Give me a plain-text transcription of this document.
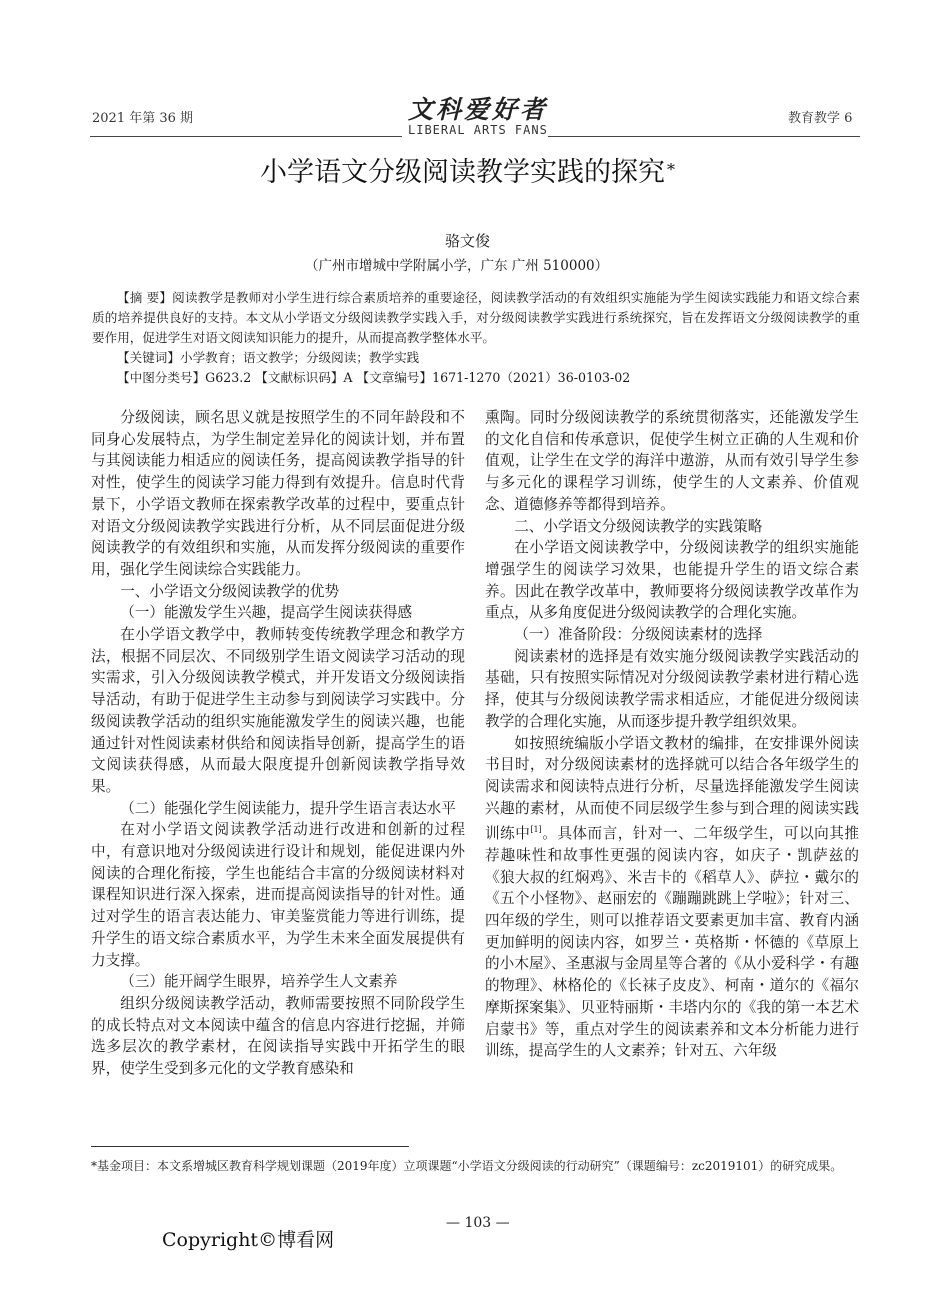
2021 年第 36 期	文科爱好者
LIBERAL ARTS FANS
教育教学 6
小学语文分级阅读教学实践的探究 *
骆文俊
（广州市增城中学附属小学，广东 广州 510000）

【摘 要】阅读教学是教师对小学生进行综合素质培养的重要途径，阅读教学活动的有效组织实施能为学生阅读实践能力和语文综合素质的培养提供良好的支持。本文从小学语文分级阅读教学实践入手，对分级阅读教学实践进行系统探究，旨在发挥语文分级阅读教学的重要作用，促进学生对语文阅读知识能力的提升，从而提高教学整体水平。

【关键词】小学教育；语文教学；分级阅读；教学实践

【中图分类号】G623.2 【文献标识码】A 【文章编号】1671-1270（2021）36-0103-02

分级阅读，顾名思义就是按照学生的不同年龄段和不同身心发展特点，为学生制定差异化的阅读计划，并布置与其阅读能力相适应的阅读任务，提高阅读教学指导的针对性，使学生的阅读学习能力得到有效提升。信息时代背景下，小学语文教师在探索教学改革的过程中，要重点针对语文分级阅读教学实践进行分析，从不同层面促进分级阅读教学的有效组织和实施，从而发挥分级阅读的重要作用，强化学生阅读综合实践能力。

一、小学语文分级阅读教学的优势

（一）能激发学生兴趣，提高学生阅读获得感

在小学语文教学中，教师转变传统教学理念和教学方法，根据不同层次、不同级别学生语文阅读学习活动的现实需求，引入分级阅读教学模式，并开发语文分级阅读指导活动，有助于促进学生主动参与到阅读学习实践中。分级阅读教学活动的组织实施能激发学生的阅读兴趣，也能通过针对性阅读素材供给和阅读指导创新，提高学生的语文阅读获得感，从而最大限度提升创新阅读教学指导效果。

（二）能强化学生阅读能力，提升学生语言表达水平

在对小学语文阅读教学活动进行改进和创新的过程中，有意识地对分级阅读进行设计和规划，能促进课内外阅读的合理化衔接，学生也能结合丰富的分级阅读材料对课程知识进行深入探索，进而提高阅读指导的针对性。通过对学生的语言表达能力、审美鉴赏能力等进行训练，提升学生的语文综合素质水平，为学生未来全面发展提供有力支撑。

（三）能开阔学生眼界，培养学生人文素养

组织分级阅读教学活动，教师需要按照不同阶段学生的成长特点对文本阅读中蕴含的信息内容进行挖掘，并筛选多层次的教学素材，在阅读指导实践中开拓学生的眼界，使学生受到多元化的文学教育感染和

熏陶。同时分级阅读教学的系统贯彻落实，还能激发学生的文化自信和传承意识，促使学生树立正确的人生观和价值观，让学生在文学的海洋中遨游，从而有效引导学生参与多元化的课程学习训练，使学生的人文素养、价值观念、道德修养等都得到培养。

二、小学语文分级阅读教学的实践策略

在小学语文阅读教学中，分级阅读教学的组织实施能增强学生的阅读学习效果，也能提升学生的语文综合素养。因此在教学改革中，教师要将分级阅读教学改革作为重点，从多角度促进分级阅读教学的合理化实施。

（一）准备阶段：分级阅读素材的选择

阅读素材的选择是有效实施分级阅读教学实践活动的基础，只有按照实际情况对分级阅读教学素材进行精心选择，使其与分级阅读教学需求相适应，才能促进分级阅读教学的合理化实施，从而逐步提升教学组织效果。

如按照统编版小学语文教材的编排，在安排课外阅读书目时，对分级阅读素材的选择就可以结合各年级学生的阅读需求和阅读特点进行分析，尽量选择能激发学生阅读兴趣的素材，从而使不同层级学生参与到合理的阅读实践训练中[1]。具体而言，针对一、二年级学生，可以向其推荐趣味性和故事性更强的阅读内容，如庆子・凯萨兹的《狼大叔的红焖鸡》、米吉卡的《稻草人》、萨拉・戴尔的《五个小怪物》、赵丽宏的《蹦蹦跳跳上学啦》；针对三、四年级的学生，则可以推荐语文要素更加丰富、教育内涵更加鲜明的阅读内容，如罗兰・英格斯・怀德的《草原上的小木屋》、圣惠淑与金周星等合著的《从小爱科学・有趣的物理》、林格伦的《长袜子皮皮》、柯南・道尔的《福尔摩斯探案集》、贝亚特丽斯・丰塔内尔的《我的第一本艺术启蒙书》等，重点对学生的阅读素养和文本分析能力进行训练，提高学生的人文素养；针对五、六年级

*基金项目：本文系增城区教育科学规划课题（2019年度）立项课题“小学语文分级阅读的行动研究”（课题编号：zc2019101）的研究成果。
— 103 —
Copyright©博看网
